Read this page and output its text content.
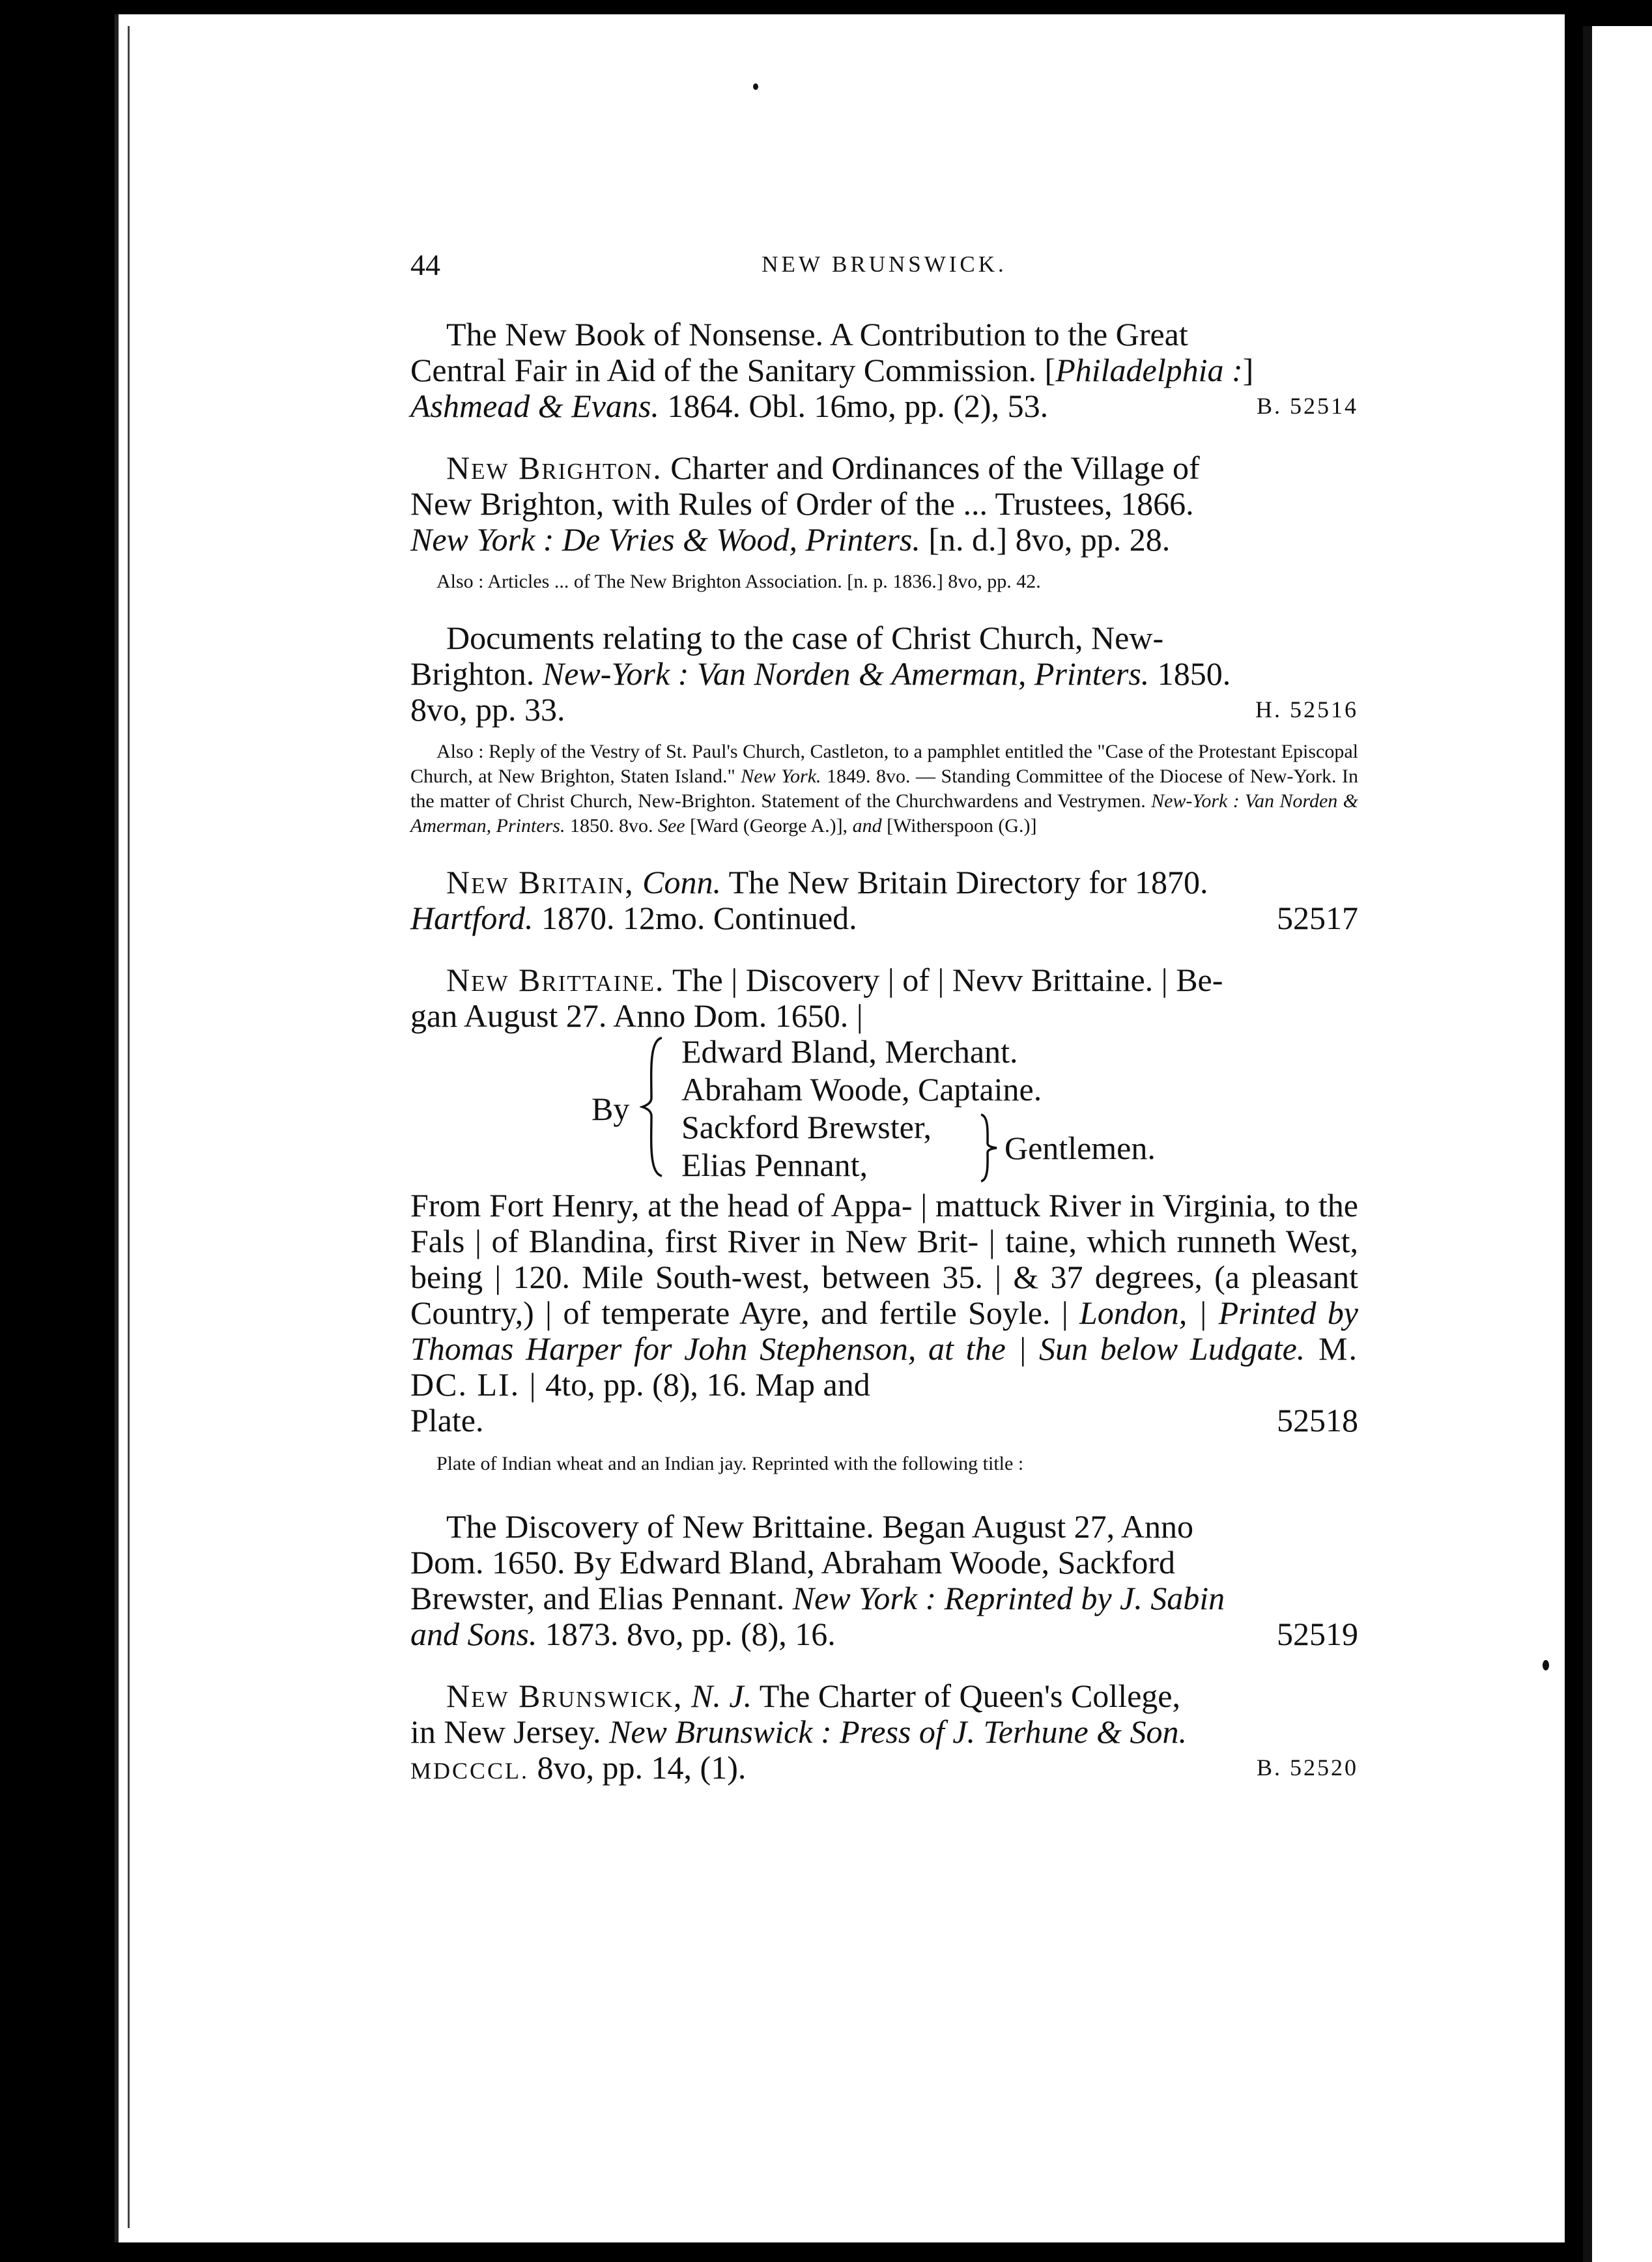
44	NEW BRUNSWICK.

The New Book of Nonsense. A Contribution to the Great

Central Fair in Aid of the Sanitary Commission. [Philadelphia :]

Ashmead & Evans. 1864. Obl. 16mo, pp. (2), 53.	B. 52514

New Brighton. Charter and Ordinances of the Village of

New Brighton, with Rules of Order of the ... Trustees, 1866.

New York : De Vries & Wood, Printers. [n. d.] 8vo, pp. 28.

Also : Articles ... of The New Brighton Association. [n. p. 1836.] 8vo, pp. 42.

Documents relating to the case of Christ Church, New-

Brighton. New-York : Van Norden & Amerman, Printers. 1850.

8vo, pp. 33.	H. 52516

Also : Reply of the Vestry of St. Paul's Church, Castleton, to a pamphlet entitled the "Case of the Protestant Episcopal Church, at New Brighton, Staten Island." New York. 1849. 8vo. — Standing Committee of the Diocese of New-York. In the matter of Christ Church, New-Brighton. Statement of the Churchwardens and Vestrymen. New-York : Van Norden & Amerman, Printers. 1850. 8vo. See [Ward (George A.)], and [Witherspoon (G.)]

New Britain, Conn. The New Britain Directory for 1870.

Hartford. 1870. 12mo. Continued.	52517

New Brittaine. The | Discovery | of | Nevv Brittaine. | Be-

gan August 27. Anno Dom. 1650. |

By
Edward Bland, Merchant.
Abraham Woode, Captaine.
Sackford Brewster,
Elias Pennant,	Gentlemen.

From Fort Henry, at the head of Appa- | mattuck River in Virginia, to the Fals | of Blandina, first River in New Brit- | taine, which runneth West, being | 120. Mile South-west, between 35. | & 37 degrees, (a pleasant Country,) | of temperate Ayre, and fertile Soyle. | London, | Printed by Thomas Harper for John Stephenson, at the | Sun below Ludgate. M. DC. LI. | 4to, pp. (8), 16. Map and

Plate.	52518

Plate of Indian wheat and an Indian jay. Reprinted with the following title :

The Discovery of New Brittaine. Began August 27, Anno

Dom. 1650. By Edward Bland, Abraham Woode, Sackford

Brewster, and Elias Pennant. New York : Reprinted by J. Sabin

and Sons. 1873. 8vo, pp. (8), 16.	52519

New Brunswick, N. J. The Charter of Queen's College,

in New Jersey. New Brunswick : Press of J. Terhune & Son.

MDCCCL. 8vo, pp. 14, (1).	B. 52520
